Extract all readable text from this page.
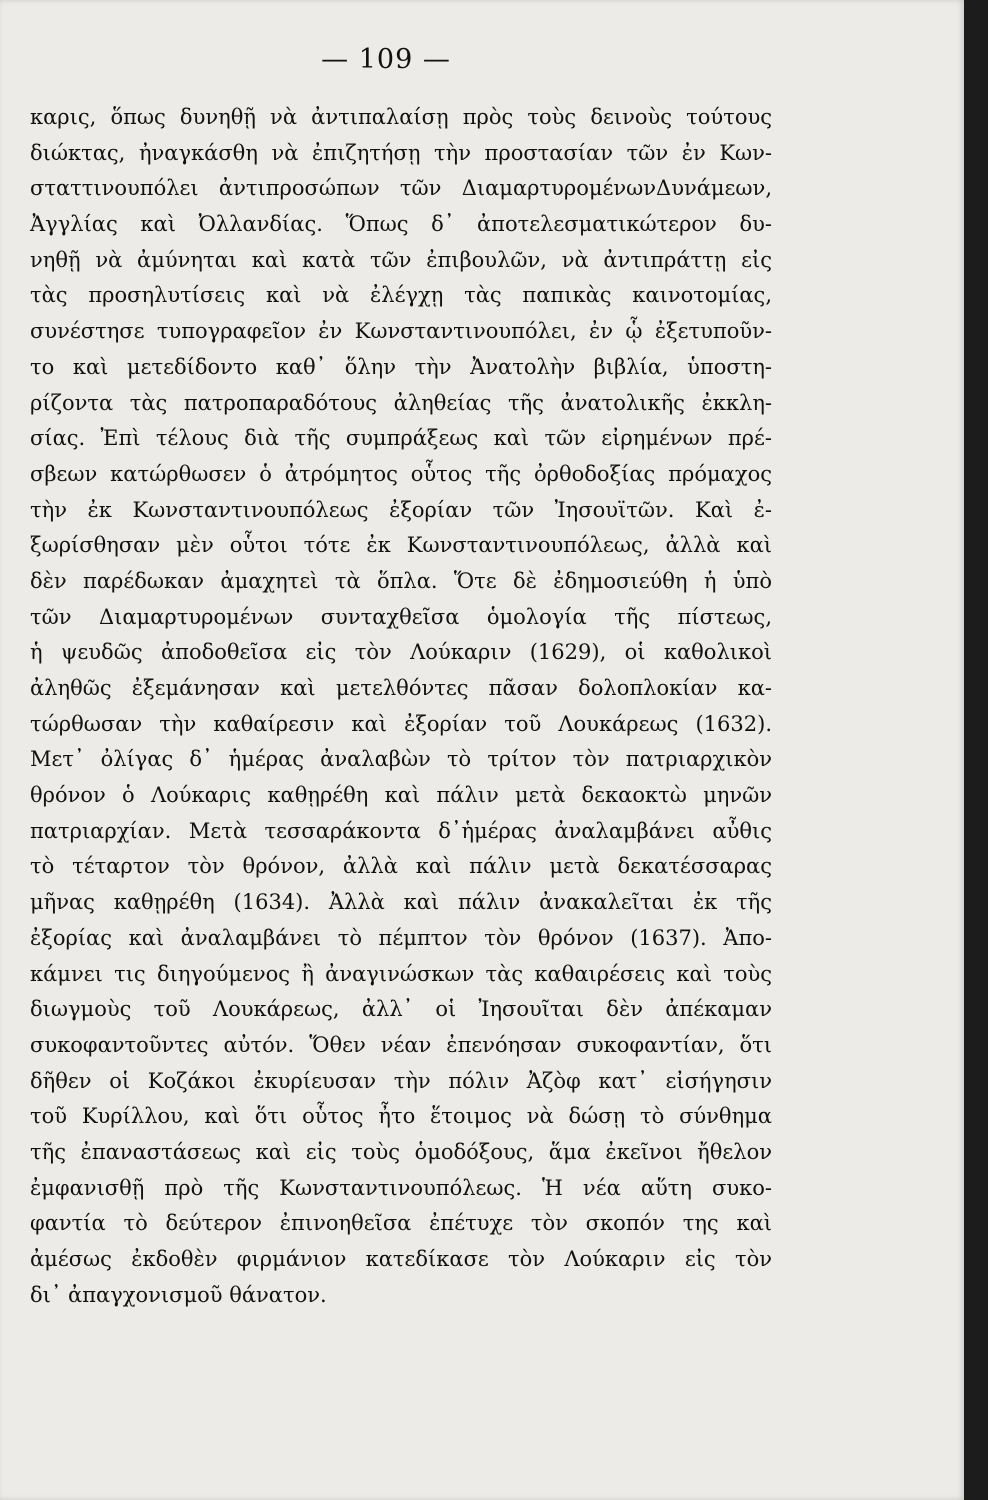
— 109 —
καρις, ὅπως δυνηθῇ νὰ ἀντιπαλαίσῃ πρὸς τοὺς δεινοὺς τούτους
διώκτας, ἠναγκάσθη νὰ ἐπιζητήσῃ τὴν προστασίαν τῶν ἐν Κων-
σταττινουπόλει ἀντιπροσώπων τῶν ΔιαμαρτυρομένωνΔυνάμεων,
Ἀγγλίας καὶ Ὀλλανδίας. Ὅπως δ᾽ ἀποτελεσματικώτερον δυ-
νηθῇ νὰ ἀμύνηται καὶ κατὰ τῶν ἐπιβουλῶν, νὰ ἀντιπράττῃ εἰς
τὰς προσηλυτίσεις καὶ νὰ ἐλέγχῃ τὰς παπικὰς καινοτομίας,
συνέστησε τυπογραφεῖον ἐν Κωνσταντινουπόλει, ἐν ᾧ ἐξετυποῦν-
το καὶ μετεδίδοντο καθ᾽ ὅλην τὴν Ἀνατολὴν βιβλία, ὑποστη-
ρίζοντα τὰς πατροπαραδότους ἀληθείας τῆς ἀνατολικῆς ἐκκλη-
σίας. Ἐπὶ τέλους διὰ τῆς συμπράξεως καὶ τῶν εἰρημένων πρέ-
σβεων κατώρθωσεν ὁ ἀτρόμητος οὗτος τῆς ὀρθοδοξίας πρόμαχος
τὴν ἐκ Κωνσταντινουπόλεως ἐξορίαν τῶν Ἰησουϊτῶν. Καὶ ἐ-
ξωρίσθησαν μὲν οὗτοι τότε ἐκ Κωνσταντινουπόλεως, ἀλλὰ καὶ
δὲν παρέδωκαν ἀμαχητεὶ τὰ ὅπλα. Ὅτε δὲ ἐδημοσιεύθη ἡ ὑπὸ
τῶν Διαμαρτυρομένων συνταχθεῖσα ὁμολογία τῆς πίστεως,
ἡ ψευδῶς ἀποδοθεῖσα εἰς τὸν Λούκαριν (1629), οἱ καθολικοὶ
ἀληθῶς ἐξεμάνησαν καὶ μετελθόντες πᾶσαν δολοπλοκίαν κα-
τώρθωσαν τὴν καθαίρεσιν καὶ ἐξορίαν τοῦ Λουκάρεως (1632).
Μετ᾽ ὀλίγας δ᾽ ἡμέρας ἀναλαβὼν τὸ τρίτον τὸν πατριαρχικὸν
θρόνον ὁ Λούκαρις καθῃρέθη καὶ πάλιν μετὰ δεκαοκτὼ μηνῶν
πατριαρχίαν. Μετὰ τεσσαράκοντα δ᾽ἡμέρας ἀναλαμβάνει αὖθις
τὸ τέταρτον τὸν θρόνον, ἀλλὰ καὶ πάλιν μετὰ δεκατέσσαρας
μῆνας καθῃρέθη (1634). Ἀλλὰ καὶ πάλιν ἀνακαλεῖται ἐκ τῆς
ἐξορίας καὶ ἀναλαμβάνει τὸ πέμπτον τὸν θρόνον (1637). Ἀπο-
κάμνει τις διηγούμενος ἢ ἀναγινώσκων τὰς καθαιρέσεις καὶ τοὺς
διωγμοὺς τοῦ Λουκάρεως, ἀλλ᾽ οἱ Ἰησουῖται δὲν ἀπέκαμαν
συκοφαντοῦντες αὐτόν. Ὅθεν νέαν ἐπενόησαν συκοφαντίαν, ὅτι
δῆθεν οἱ Κοζάκοι ἐκυρίευσαν τὴν πόλιν Ἀζὸφ κατ᾽ εἰσήγησιν
τοῦ Κυρίλλου, καὶ ὅτι οὗτος ἦτο ἕτοιμος νὰ δώσῃ τὸ σύνθημα
τῆς ἐπαναστάσεως καὶ εἰς τοὺς ὁμοδόξους, ἅμα ἐκεῖνοι ἤθελον
ἐμφανισθῇ πρὸ τῆς Κωνσταντινουπόλεως. Ἡ νέα αὕτη συκο-
φαντία τὸ δεύτερον ἐπινοηθεῖσα ἐπέτυχε τὸν σκοπόν της καὶ
ἀμέσως ἐκδοθὲν φιρμάνιον κατεδίκασε τὸν Λούκαριν εἰς τὸν
δι᾽ ἀπαγχονισμοῦ θάνατον.
